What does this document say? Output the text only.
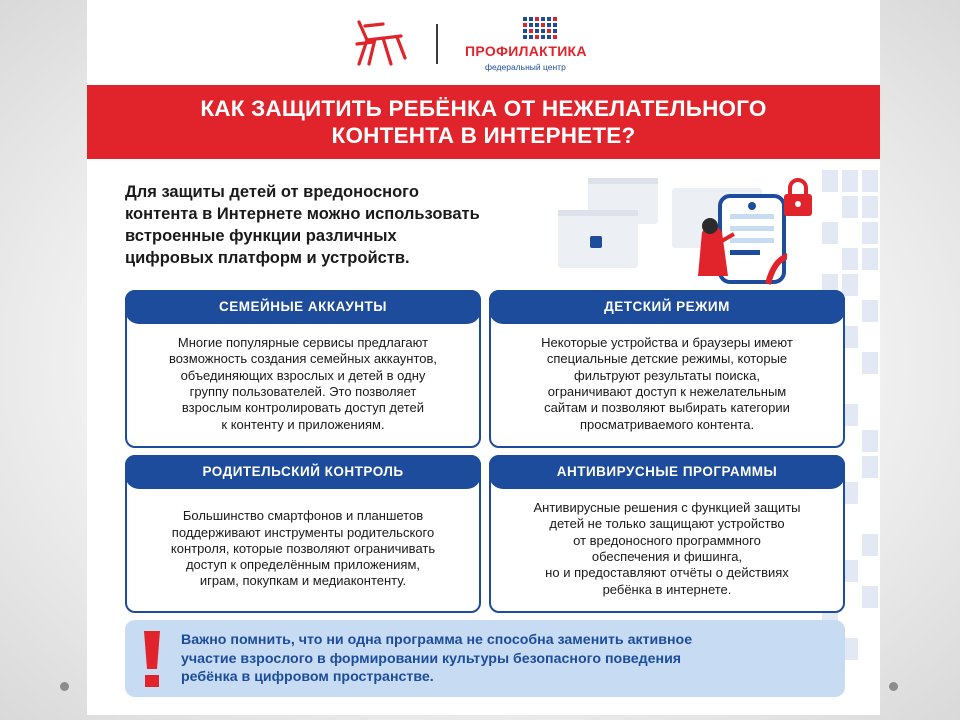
ПРОФИЛАКТИКА
федеральный центр
КАК ЗАЩИТИТЬ РЕБЁНКА ОТ НЕЖЕЛАТЕЛЬНОГО
КОНТЕНТА В ИНТЕРНЕТЕ?
Для защиты детей от вредоносного
контента в Интернете можно использовать
встроенные функции различных
цифровых платформ и устройств.
СЕМЕЙНЫЕ АККАУНТЫ
Многие популярные сервисы предлагают
возможность создания семейных аккаунтов,
объединяющих взрослых и детей в одну
группу пользователей. Это позволяет
взрослым контролировать доступ детей
к контенту и приложениям.
ДЕТСКИЙ РЕЖИМ
Некоторые устройства и браузеры имеют
специальные детские режимы, которые
фильтруют результаты поиска,
ограничивают доступ к нежелательным
сайтам и позволяют выбирать категории
просматриваемого контента.
РОДИТЕЛЬСКИЙ КОНТРОЛЬ
Большинство смартфонов и планшетов
поддерживают инструменты родительского
контроля, которые позволяют ограничивать
доступ к определённым приложениям,
играм, покупкам и медиаконтенту.
АНТИВИРУСНЫЕ ПРОГРАММЫ
Антивирусные решения с функцией защиты
детей не только защищают устройство
от вредоносного программного
обеспечения и фишинга,
но и предоставляют отчёты о действиях
ребёнка в интернете.
Важно помнить, что ни одна программа не способна заменить активное
участие взрослого в формировании культуры безопасного поведения
ребёнка в цифровом пространстве.
